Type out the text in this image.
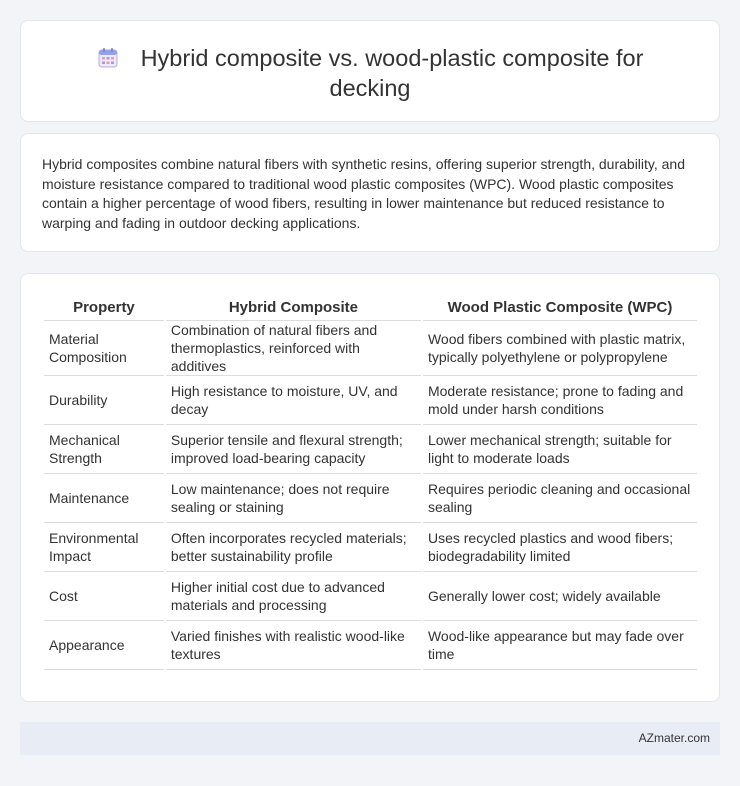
Hybrid composite vs. wood-plastic composite for
decking

Hybrid composites combine natural fibers with synthetic resins, offering superior strength, durability, and moisture resistance compared to traditional wood plastic composites (WPC). Wood plastic composites contain a higher percentage of wood fibers, resulting in lower maintenance but reduced resistance to warping and fading in outdoor decking applications.

Property	Hybrid Composite	Wood Plastic Composite (WPC)
Material Composition	Combination of natural fibers and thermoplastics, reinforced with additives	Wood fibers combined with plastic matrix, typically polyethylene or polypropylene
Durability	High resistance to moisture, UV, and decay	Moderate resistance; prone to fading and mold under harsh conditions
Mechanical Strength	Superior tensile and flexural strength; improved load-bearing capacity	Lower mechanical strength; suitable for light to moderate loads
Maintenance	Low maintenance; does not require sealing or staining	Requires periodic cleaning and occasional sealing
Environmental Impact	Often incorporates recycled materials; better sustainability profile	Uses recycled plastics and wood fibers; biodegradability limited
Cost	Higher initial cost due to advanced materials and processing	Generally lower cost; widely available
Appearance	Varied finishes with realistic wood-like textures	Wood-like appearance but may fade over time
AZmater.com
